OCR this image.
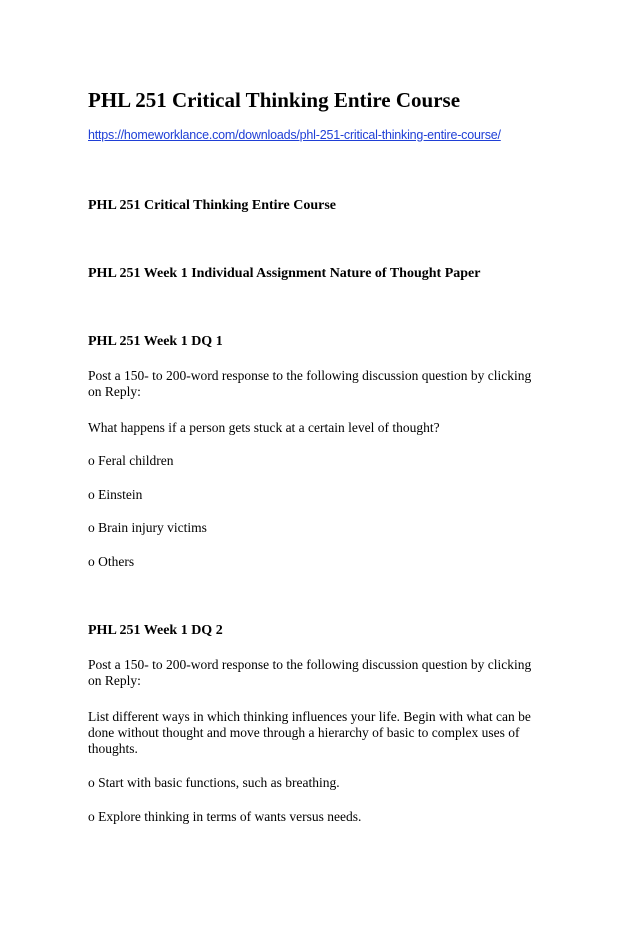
PHL 251 Critical Thinking Entire Course
https://homeworklance.com/downloads/phl-251-critical-thinking-entire-course/
PHL 251 Critical Thinking Entire Course
PHL 251 Week 1 Individual Assignment Nature of Thought Paper
PHL 251 Week 1 DQ 1
Post a 150- to 200-word response to the following discussion question by clicking on Reply:
What happens if a person gets stuck at a certain level of thought?
o Feral children
o Einstein
o Brain injury victims
o Others
PHL 251 Week 1 DQ 2
Post a 150- to 200-word response to the following discussion question by clicking on Reply:
List different ways in which thinking influences your life. Begin with what can be done without thought and move through a hierarchy of basic to complex uses of thoughts.
o Start with basic functions, such as breathing.
o Explore thinking in terms of wants versus needs.
